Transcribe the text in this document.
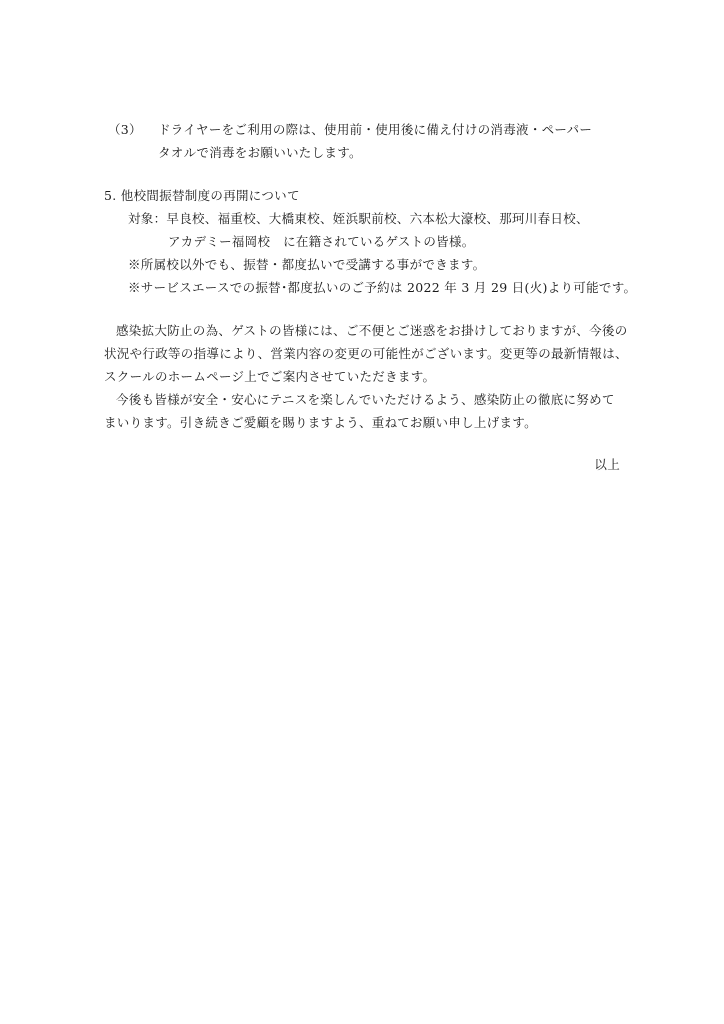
（3） ドライヤーをご利用の際は、使用前・使用後に備え付けの消毒液・ペーパー
タオルで消毒をお願いいたします。
5. 他校間振替制度の再開について
対象：早良校、福重校、大橋東校、姪浜駅前校、六本松大濠校、那珂川春日校、
アカデミー福岡校　に在籍されているゲストの皆様。
※所属校以外でも、振替・都度払いで受講する事ができます。
※サービスエースでの振替･都度払いのご予約は 2022 年 3 月 29 日(火)より可能です。
感染拡大防止の為、ゲストの皆様には、ご不便とご迷惑をお掛けしておりますが、今後の
状況や行政等の指導により、営業内容の変更の可能性がございます。変更等の最新情報は、
スクールのホームページ上でご案内させていただきます。
今後も皆様が安全・安心にテニスを楽しんでいただけるよう、感染防止の徹底に努めて
まいります。引き続きご愛顧を賜りますよう、重ねてお願い申し上げます。
以上
